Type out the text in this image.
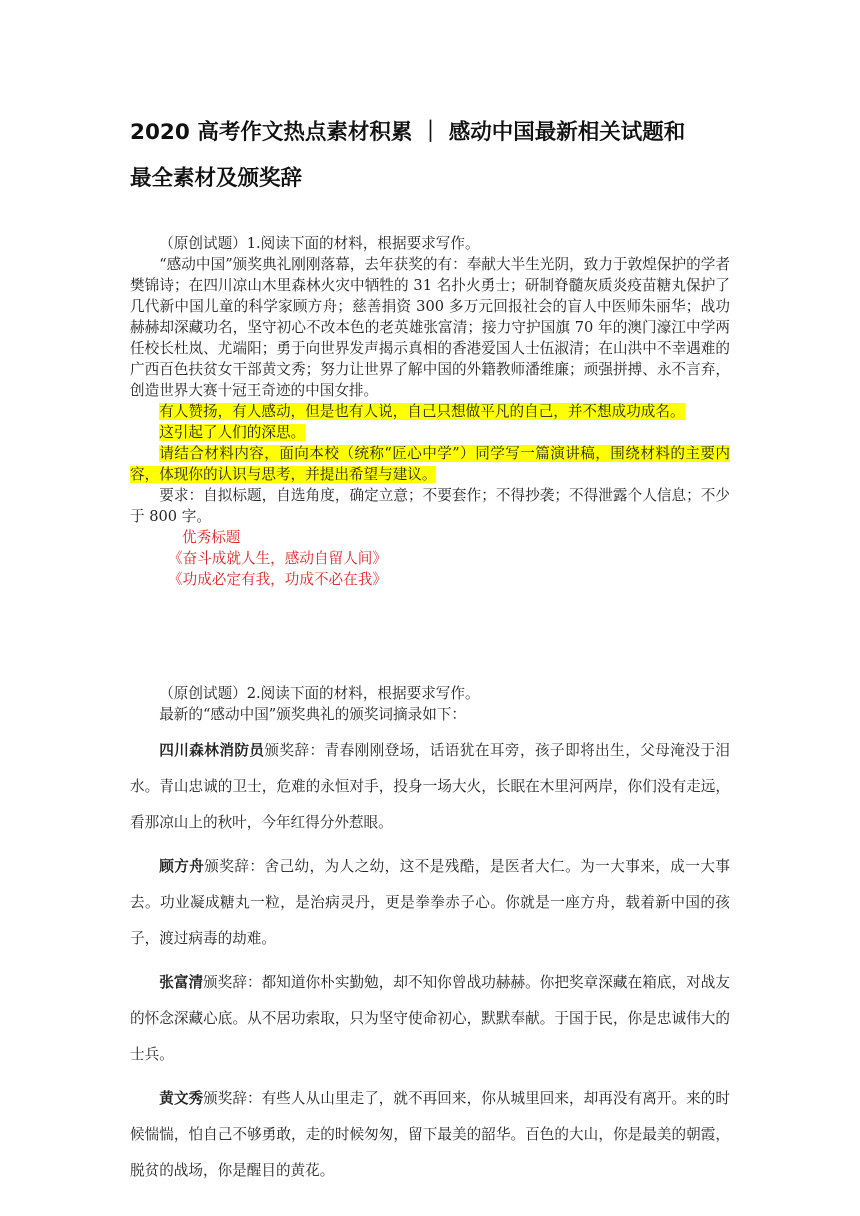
2020 高考作文热点素材积累 ｜ 感动中国最新相关试题和
最全素材及颁奖辞

（原创试题）1.阅读下面的材料，根据要求写作。

“感动中国”颁奖典礼刚刚落幕，去年获奖的有：奉献大半生光阴，致力于敦煌保护的学者樊锦诗；在四川凉山木里森林火灾中牺牲的 31 名扑火勇士；研制脊髓灰质炎疫苗糖丸保护了几代新中国儿童的科学家顾方舟；慈善捐资 300 多万元回报社会的盲人中医师朱丽华；战功赫赫却深藏功名，坚守初心不改本色的老英雄张富清；接力守护国旗 70 年的澳门濠江中学两任校长杜岚、尤端阳；勇于向世界发声揭示真相的香港爱国人士伍淑清；在山洪中不幸遇难的广西百色扶贫女干部黄文秀；努力让世界了解中国的外籍教师潘维廉；顽强拼搏、永不言弃，创造世界大赛十冠王奇迹的中国女排。

有人赞扬，有人感动，但是也有人说，自己只想做平凡的自己，并不想成功成名。

这引起了人们的深思。

请结合材料内容，面向本校（统称“匠心中学”）同学写一篇演讲稿，围绕材料的主要内容，体现你的认识与思考，并提出希望与建议。

要求：自拟标题，自选角度，确定立意；不要套作；不得抄袭；不得泄露个人信息；不少于 800 字。

优秀标题

《奋斗成就人生，感动自留人间》

《功成必定有我，功成不必在我》

（原创试题）2.阅读下面的材料，根据要求写作。

最新的“感动中国”颁奖典礼的颁奖词摘录如下：

四川森林消防员颁奖辞：青春刚刚登场，话语犹在耳旁，孩子即将出生，父母淹没于泪水。青山忠诚的卫士，危难的永恒对手，投身一场大火，长眠在木里河两岸，你们没有走远，看那凉山上的秋叶，今年红得分外惹眼。

顾方舟颁奖辞：舍己幼，为人之幼，这不是残酷，是医者大仁。为一大事来，成一大事去。功业凝成糖丸一粒，是治病灵丹，更是拳拳赤子心。你就是一座方舟，载着新中国的孩子，渡过病毒的劫难。

张富清颁奖辞：都知道你朴实勤勉，却不知你曾战功赫赫。你把奖章深藏在箱底，对战友的怀念深藏心底。从不居功索取，只为坚守使命初心，默默奉献。于国于民，你是忠诚伟大的士兵。

黄文秀颁奖辞：有些人从山里走了，就不再回来，你从城里回来，却再没有离开。来的时候惴惴，怕自己不够勇敢，走的时候匆匆，留下最美的韶华。百色的大山，你是最美的朝霞，脱贫的战场，你是醒目的黄花。
